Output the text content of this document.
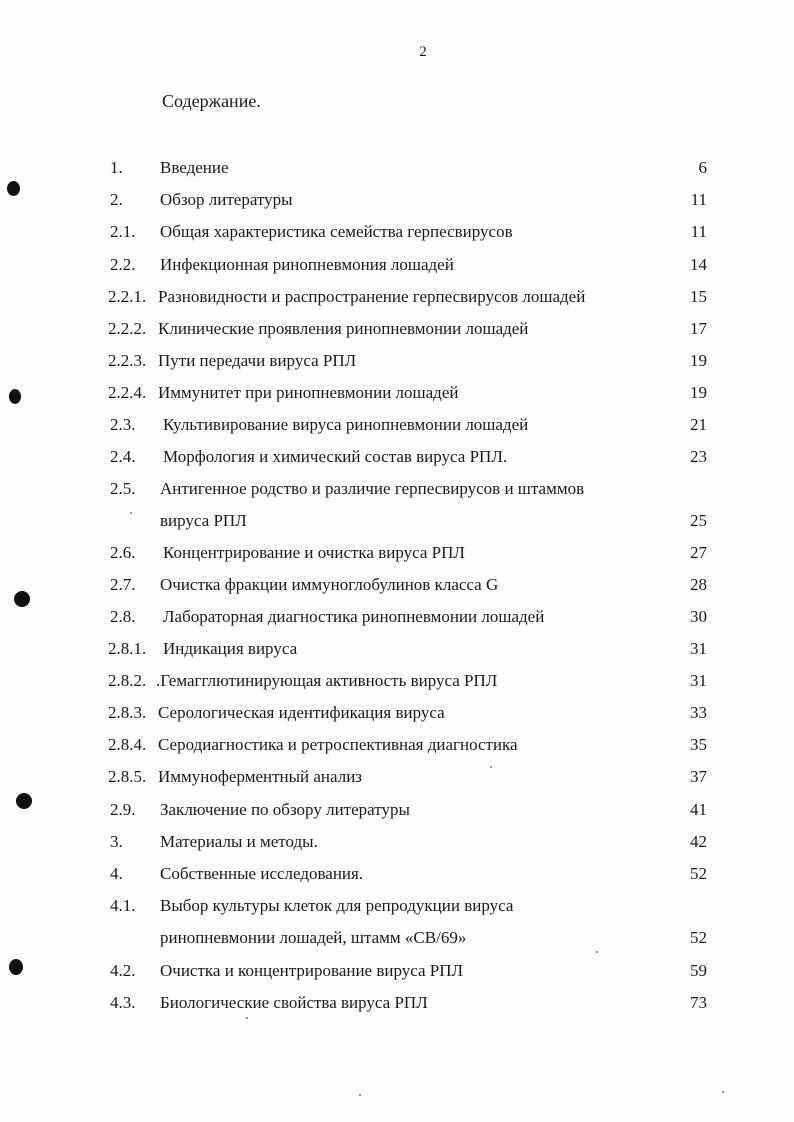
2
Содержание.
1. Введение	6
2. Обзор литературы	11
2.1. Общая характеристика семейства герпесвирусов	11
2.2. Инфекционная ринопневмония лошадей	14
2.2.1. Разновидности и распространение герпесвирусов лошадей	15
2.2.2. Клинические проявления ринопневмонии лошадей	17
2.2.3. Пути передачи вируса РПЛ	19
2.2.4. Иммунитет при ринопневмонии лошадей	19
2.3. Культивирование вируса ринопневмонии лошадей	21
2.4. Морфология и химический состав вируса РПЛ.	23
2.5. Антигенное родство и различие герпесвирусов и штаммов
вируса РПЛ	25
2.6. Концентрирование и очистка вируса РПЛ	27
2.7. Очистка фракции иммуноглобулинов класса G	28
2.8. Лабораторная диагностика ринопневмонии лошадей	30
2.8.1. Индикация вируса	31
2.8.2. .Гемагглютинирующая активность вируса РПЛ	31
2.8.3. Серологическая идентификация вируса	33
2.8.4. Серодиагностика и ретроспективная диагностика	35
2.8.5. Иммуноферментный анализ	37
2.9. Заключение по обзору литературы	41
3. Материалы и методы.	42
4. Собственные исследования.	52
4.1. Выбор культуры клеток для репродукции вируса
ринопневмонии лошадей, штамм «СВ/69»	52
4.2. Очистка и концентрирование вируса РПЛ	59
4.3. Биологические свойства вируса РПЛ	73
